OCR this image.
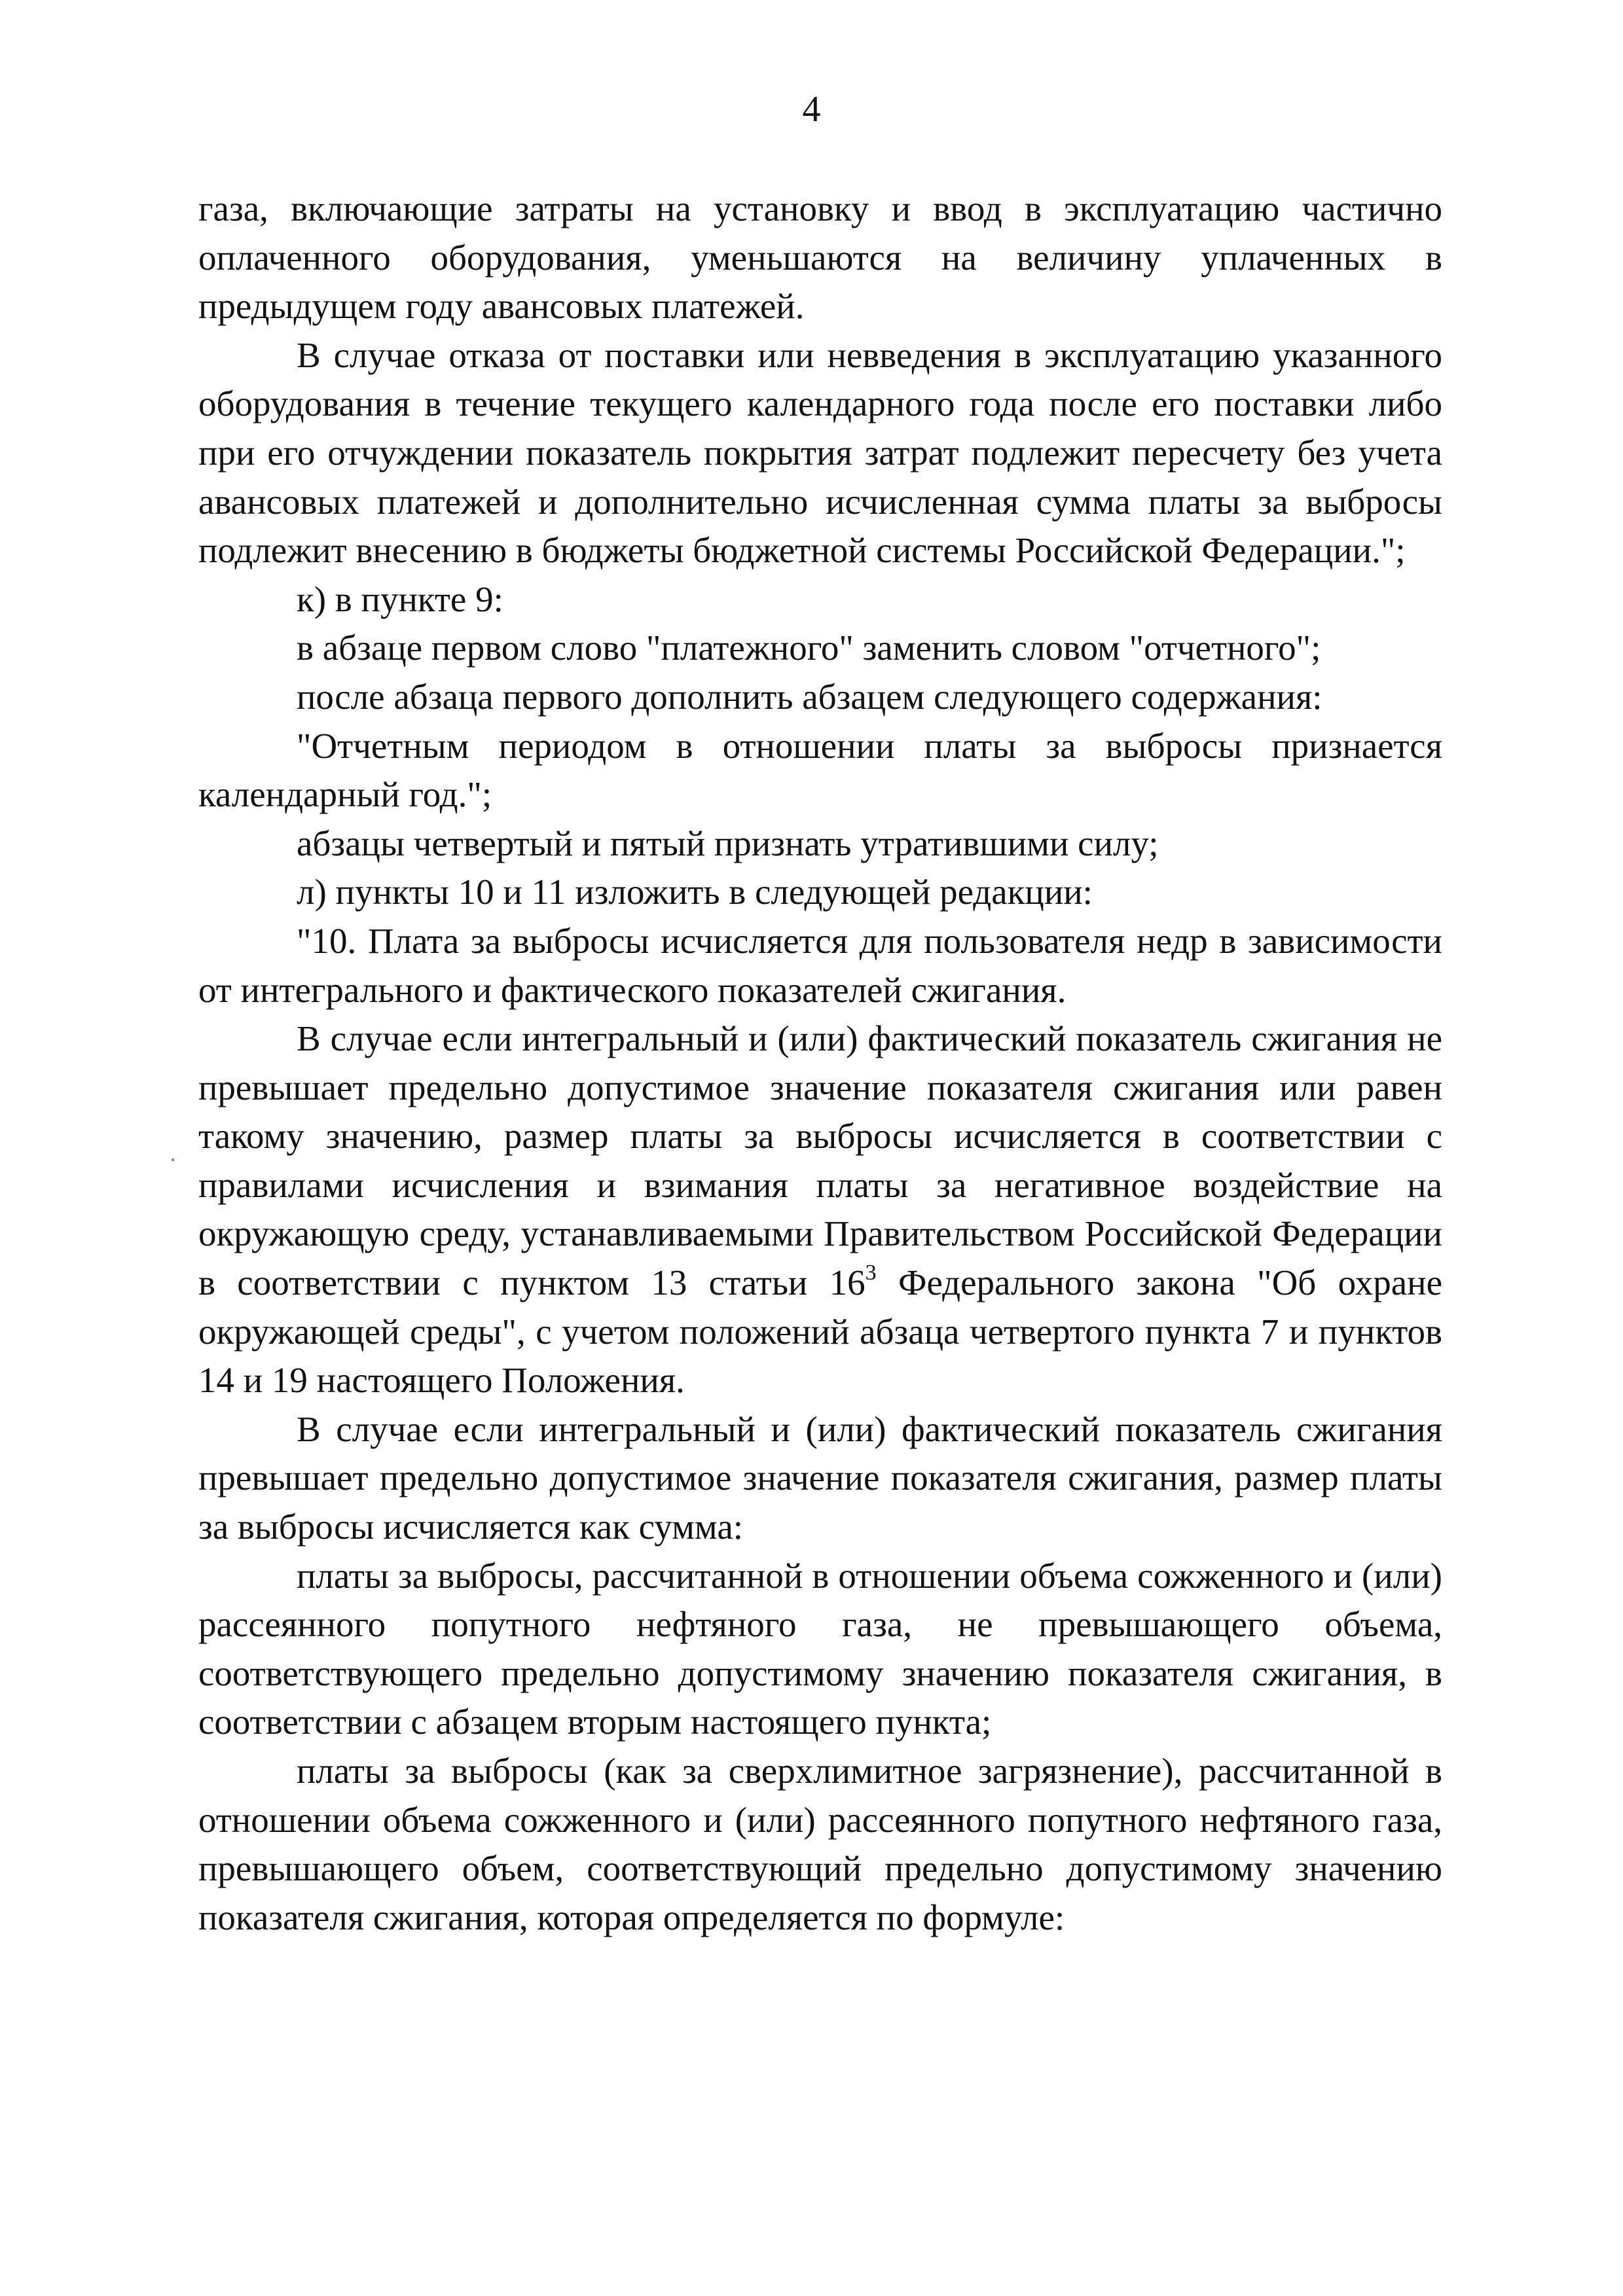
4

газа, включающие затраты на установку и ввод в эксплуатацию частично оплаченного оборудования, уменьшаются на величину уплаченных в предыдущем году авансовых платежей.

В случае отказа от поставки или невведения в эксплуатацию указанного оборудования в течение текущего календарного года после его поставки либо при его отчуждении показатель покрытия затрат подлежит пересчету без учета авансовых платежей и дополнительно исчисленная сумма платы за выбросы подлежит внесению в бюджеты бюджетной системы Российской Федерации.";

к) в пункте 9:

в абзаце первом слово "платежного" заменить словом "отчетного";

после абзаца первого дополнить абзацем следующего содержания:

"Отчетным периодом в отношении платы за выбросы признается календарный год.";

абзацы четвертый и пятый признать утратившими силу;

л) пункты 10 и 11 изложить в следующей редакции:

"10. Плата за выбросы исчисляется для пользователя недр в зависимости от интегрального и фактического показателей сжигания.

В случае если интегральный и (или) фактический показатель сжигания не превышает предельно допустимое значение показателя сжигания или равен такому значению, размер платы за выбросы исчисляется в соответствии с правилами исчисления и взимания платы за негативное воздействие на окружающую среду, устанавливаемыми Правительством Российской Федерации в соответствии с пунктом 13 статьи $16^3$ Федерального закона "Об охране окружающей среды", с учетом положений абзаца четвертого пункта 7 и пунктов 14 и 19 настоящего Положения.

В случае если интегральный и (или) фактический показатель сжигания превышает предельно допустимое значение показателя сжигания, размер платы за выбросы исчисляется как сумма:

платы за выбросы, рассчитанной в отношении объема сожженного и (или) рассеянного попутного нефтяного газа, не превышающего объема, соответствующего предельно допустимому значению показателя сжигания, в соответствии с абзацем вторым настоящего пункта;

платы за выбросы (как за сверхлимитное загрязнение), рассчитанной в отношении объема сожженного и (или) рассеянного попутного нефтяного газа, превышающего объем, соответствующий предельно допустимому значению показателя сжигания, которая определяется по формуле:
